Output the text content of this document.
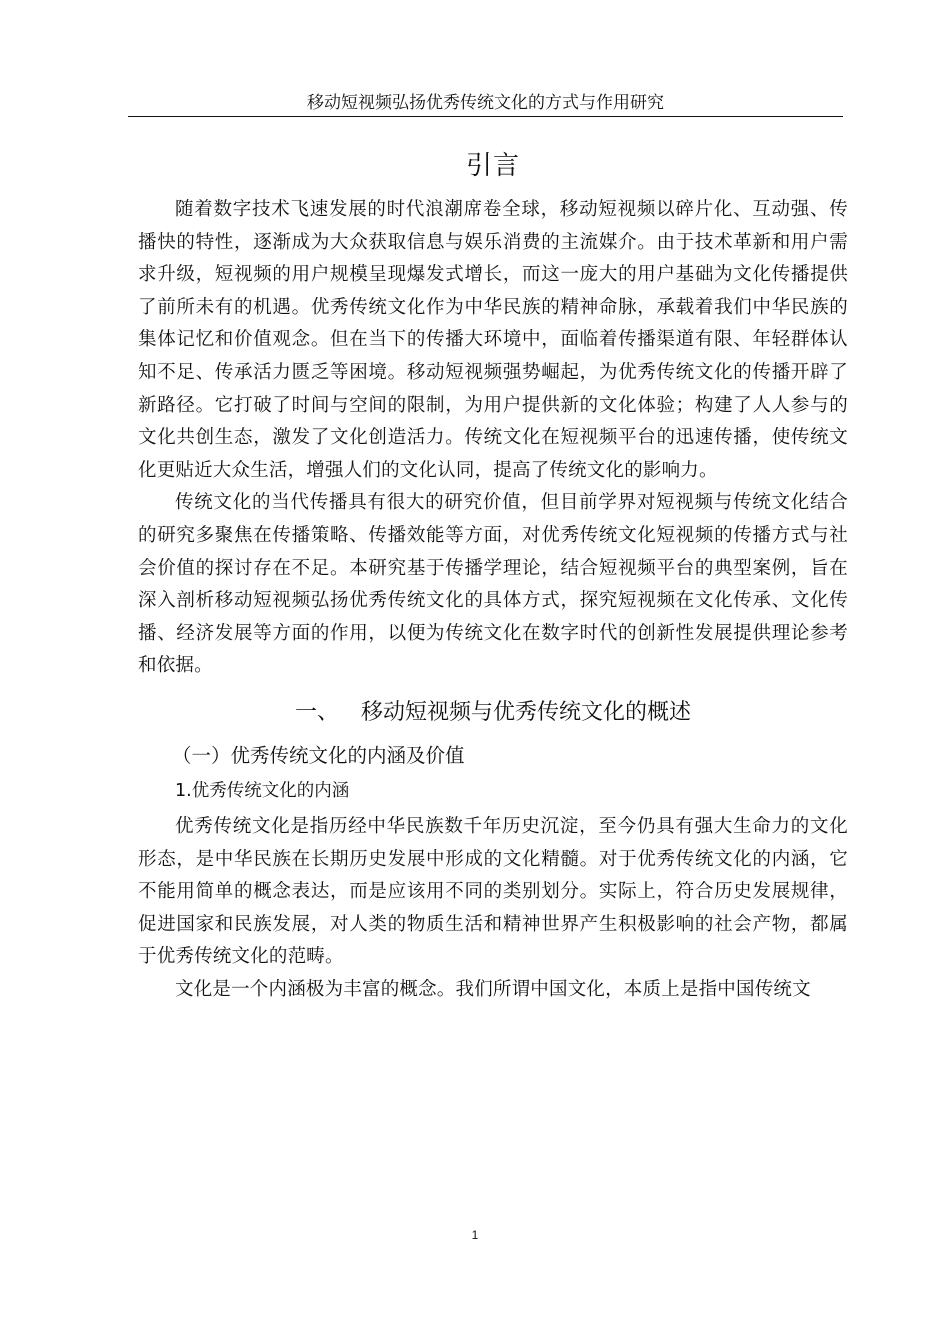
移动短视频弘扬优秀传统文化的方式与作用研究
引言

随着数字技术飞速发展的时代浪潮席卷全球，移动短视频以碎片化、互动强、传播快的特性，逐渐成为大众获取信息与娱乐消费的主流媒介。由于技术革新和用户需求升级，短视频的用户规模呈现爆发式增长，而这一庞大的用户基础为文化传播提供了前所未有的机遇。优秀传统文化作为中华民族的精神命脉，承载着我们中华民族的集体记忆和价值观念。但在当下的传播大环境中，面临着传播渠道有限、年轻群体认知不足、传承活力匮乏等困境。移动短视频强势崛起，为优秀传统文化的传播开辟了新路径。它打破了时间与空间的限制，为用户提供新的文化体验；构建了人人参与的文化共创生态，激发了文化创造活力。传统文化在短视频平台的迅速传播，使传统文化更贴近大众生活，增强人们的文化认同，提高了传统文化的影响力。

传统文化的当代传播具有很大的研究价值，但目前学界对短视频与传统文化结合的研究多聚焦在传播策略、传播效能等方面，对优秀传统文化短视频的传播方式与社会价值的探讨存在不足。本研究基于传播学理论，结合短视频平台的典型案例，旨在深入剖析移动短视频弘扬优秀传统文化的具体方式，探究短视频在文化传承、文化传播、经济发展等方面的作用，以便为传统文化在数字时代的创新性发展提供理论参考和依据。

一、 移动短视频与优秀传统文化的概述
（一）优秀传统文化的内涵及价值
1.优秀传统文化的内涵

优秀传统文化是指历经中华民族数千年历史沉淀，至今仍具有强大生命力的文化形态，是中华民族在长期历史发展中形成的文化精髓。对于优秀传统文化的内涵，它不能用简单的概念表达，而是应该用不同的类别划分。实际上，符合历史发展规律，促进国家和民族发展，对人类的物质生活和精神世界产生积极影响的社会产物，都属于优秀传统文化的范畴。

文化是一个内涵极为丰富的概念。我们所谓中国文化，本质上是指中国传统文

1
